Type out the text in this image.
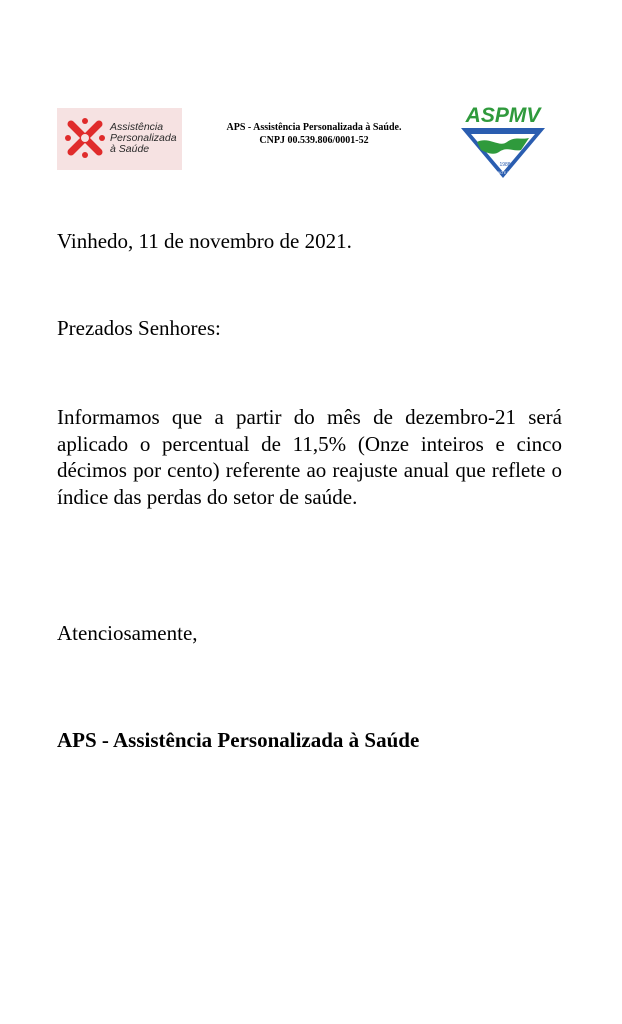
Assistência
Personalizada
à Saúde
APS - Assistência Personalizada à Saúde.
CNPJ 00.539.806/0001-52
ASPMV
1988
ASPMV - APOIO E SEGURANÇA
Vinhedo, 11 de novembro de 2021.
Prezados Senhores:
Informamos que a partir do mês de dezembro-21 será aplicado o percentual de 11,5% (Onze inteiros e cinco décimos por cento) referente ao reajuste anual que reflete o índice das perdas do setor de saúde.
Atenciosamente,
APS - Assistência Personalizada à Saúde
